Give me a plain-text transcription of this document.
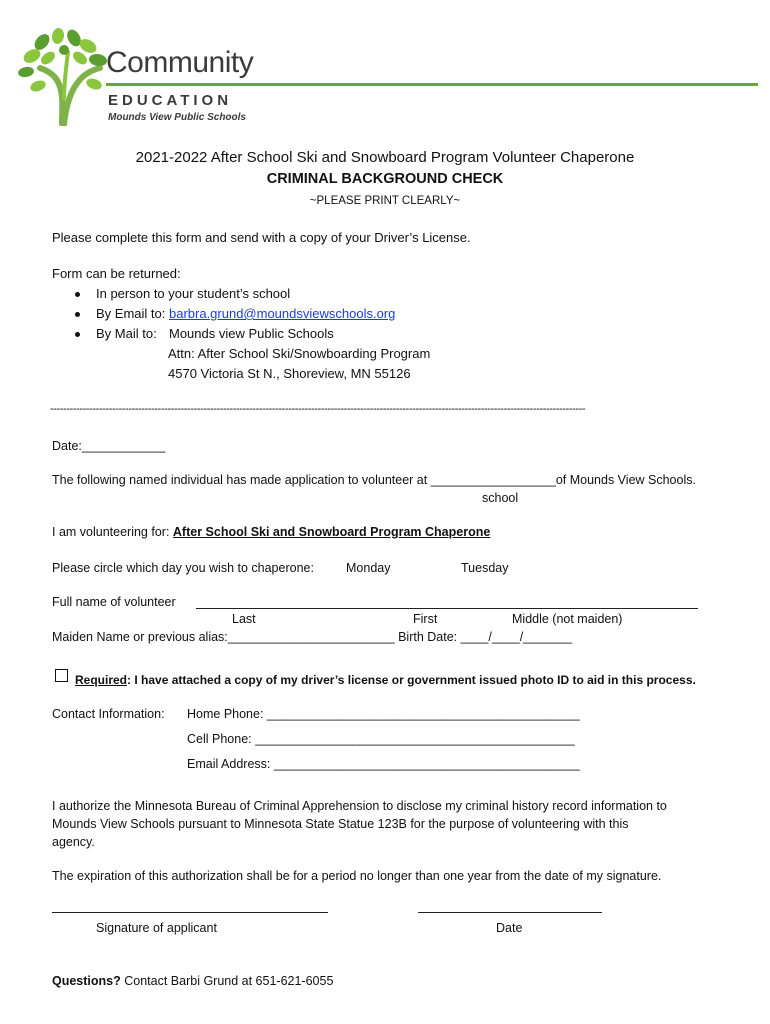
Community
EDUCATION
Mounds View Public Schools
2021-2022 After School Ski and Snowboard Program Volunteer Chaperone
CRIMINAL BACKGROUND CHECK
~PLEASE PRINT CLEARLY~
Please complete this form and send with a copy of your Driver’s License.
Form can be returned:
In person to your student’s school
By Email to: barbra.grund@moundsviewschools.org
By Mail to: Mounds view Public Schools
Attn: After School Ski/Snowboarding Program
4570 Victoria St N., Shoreview, MN 55126
--------------------------------------------------------------------------------------------------------------------------------------------------------------------
Date:____________
The following named individual has made application to volunteer at __________________of Mounds View Schools.
school
I am volunteering for: After School Ski and Snowboard Program Chaperone
Please circle which day you wish to chaperone:	Monday	Tuesday
Full name of volunteer
Last	First	Middle (not maiden)
Maiden Name or previous alias:________________________ Birth Date: ____/____/_______
Required: I have attached a copy of my driver’s license or government issued photo ID to aid in this process.
Contact Information: Home Phone: _____________________________________________
Cell Phone: ______________________________________________
Email Address: ____________________________________________
I authorize the Minnesota Bureau of Criminal Apprehension to disclose my criminal history record information to
Mounds View Schools pursuant to Minnesota State Statue 123B for the purpose of volunteering with this
agency.
The expiration of this authorization shall be for a period no longer than one year from the date of my signature.
Signature of applicant	Date
Questions? Contact Barbi Grund at 651-621-6055
